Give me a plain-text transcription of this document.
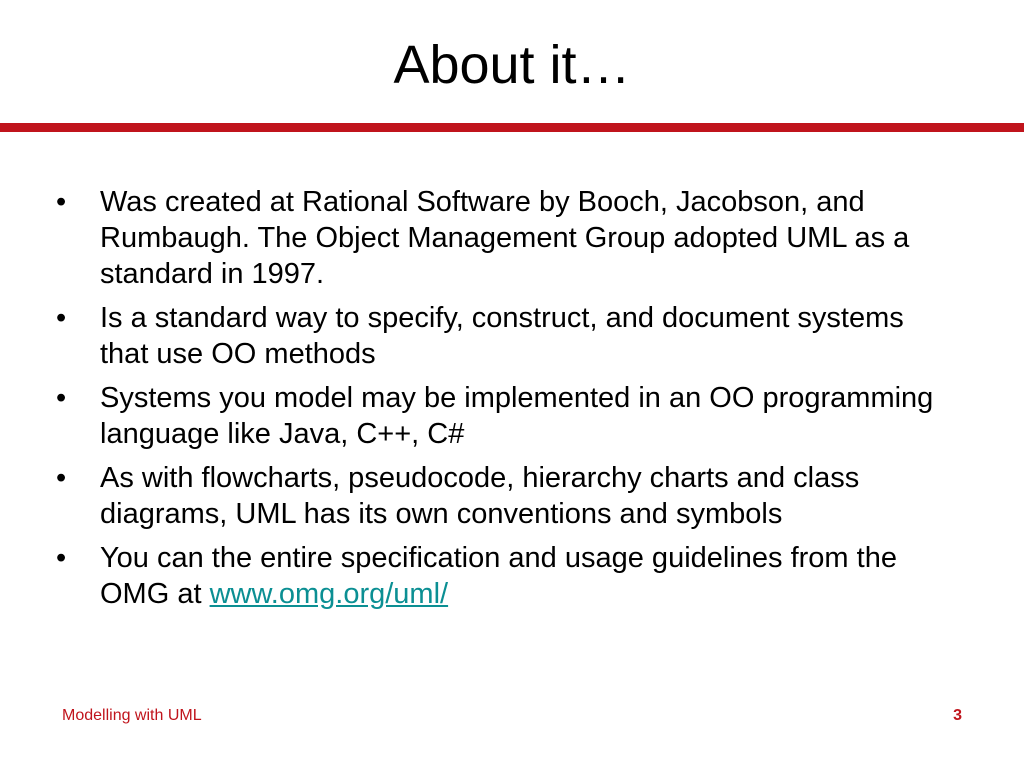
About it…
•	Was created at Rational Software by Booch, Jacobson, and Rumbaugh. The Object Management Group adopted UML as a standard in 1997.
•	Is a standard way to specify, construct, and document systems that use OO methods
•	Systems you model may be implemented in an OO programming language like Java, C++, C#
•	As with flowcharts, pseudocode, hierarchy charts and class diagrams, UML has its own conventions and symbols
•	You can the entire specification and usage guidelines from the OMG at www.omg.org/uml/
Modelling with UML	3
